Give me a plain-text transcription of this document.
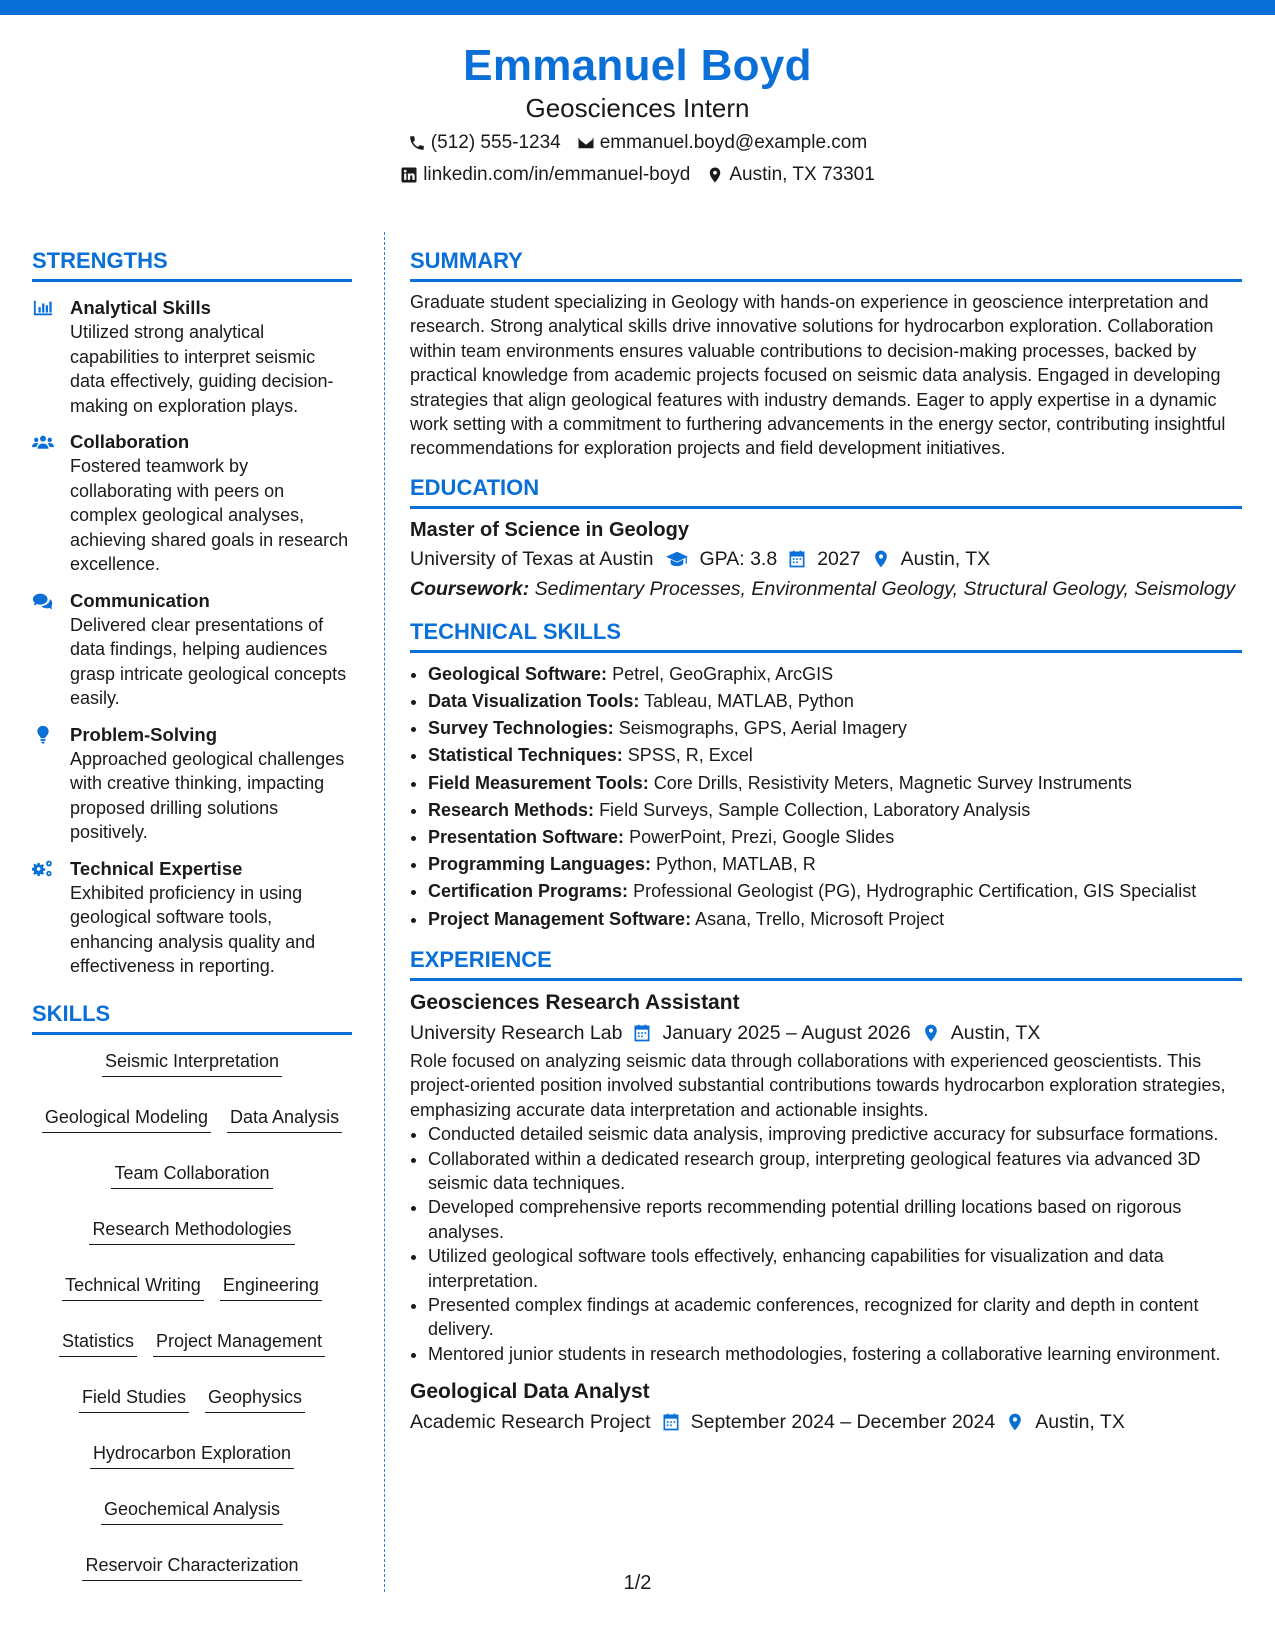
Emmanuel Boyd
Geosciences Intern
(512) 555-1234 emmanuel.boyd@example.com
linkedin.com/in/emmanuel-boyd Austin, TX 73301
STRENGTHS
Analytical Skills
Utilized strong analytical capabilities to interpret seismic data effectively, guiding decision-making on exploration plays.
Collaboration
Fostered teamwork by collaborating with peers on complex geological analyses, achieving shared goals in research excellence.
Communication
Delivered clear presentations of data findings, helping audiences grasp intricate geological concepts easily.
Problem-Solving
Approached geological challenges with creative thinking, impacting proposed drilling solutions positively.
Technical Expertise
Exhibited proficiency in using geological software tools, enhancing analysis quality and effectiveness in reporting.
SKILLS
Seismic Interpretation
Geological Modeling Data Analysis
Team Collaboration
Research Methodologies
Technical Writing Engineering
Statistics Project Management
Field Studies Geophysics
Hydrocarbon Exploration
Geochemical Analysis
Reservoir Characterization
SUMMARY
Graduate student specializing in Geology with hands-on experience in geoscience interpretation and research. Strong analytical skills drive innovative solutions for hydrocarbon exploration. Collaboration within team environments ensures valuable contributions to decision-making processes, backed by practical knowledge from academic projects focused on seismic data analysis. Engaged in developing strategies that align geological features with industry demands. Eager to apply expertise in a dynamic work setting with a commitment to furthering advancements in the energy sector, contributing insightful recommendations for exploration projects and field development initiatives.
EDUCATION
Master of Science in Geology
University of Texas at Austin GPA: 3.8 2027 Austin, TX
Coursework: Sedimentary Processes, Environmental Geology, Structural Geology, Seismology
TECHNICAL SKILLS
• Geological Software: Petrel, GeoGraphix, ArcGIS
• Data Visualization Tools: Tableau, MATLAB, Python
• Survey Technologies: Seismographs, GPS, Aerial Imagery
• Statistical Techniques: SPSS, R, Excel
• Field Measurement Tools: Core Drills, Resistivity Meters, Magnetic Survey Instruments
• Research Methods: Field Surveys, Sample Collection, Laboratory Analysis
• Presentation Software: PowerPoint, Prezi, Google Slides
• Programming Languages: Python, MATLAB, R
• Certification Programs: Professional Geologist (PG), Hydrographic Certification, GIS Specialist
• Project Management Software: Asana, Trello, Microsoft Project
EXPERIENCE
Geosciences Research Assistant
University Research Lab January 2025 – August 2026 Austin, TX
Role focused on analyzing seismic data through collaborations with experienced geoscientists. This project-oriented position involved substantial contributions towards hydrocarbon exploration strategies, emphasizing accurate data interpretation and actionable insights.
• Conducted detailed seismic data analysis, improving predictive accuracy for subsurface formations.
• Collaborated within a dedicated research group, interpreting geological features via advanced 3D seismic data techniques.
• Developed comprehensive reports recommending potential drilling locations based on rigorous analyses.
• Utilized geological software tools effectively, enhancing capabilities for visualization and data interpretation.
• Presented complex findings at academic conferences, recognized for clarity and depth in content delivery.
• Mentored junior students in research methodologies, fostering a collaborative learning environment.
Geological Data Analyst
Academic Research Project September 2024 – December 2024 Austin, TX
1/2
